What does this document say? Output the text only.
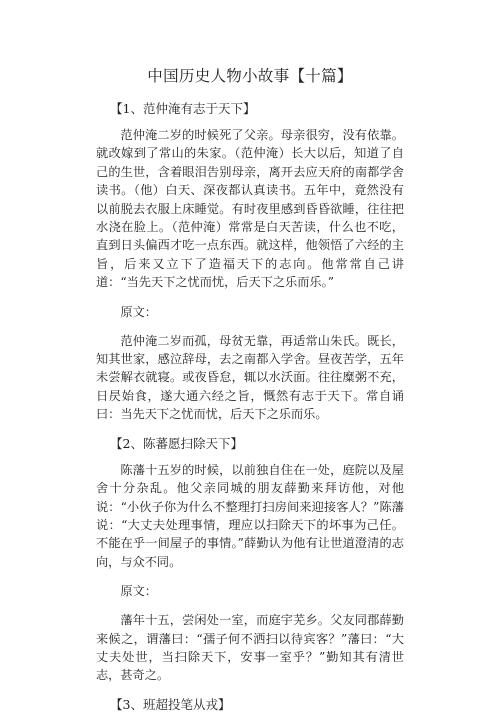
中国历史人物小故事【十篇】
【1、范仲淹有志于天下】

范仲淹二岁的时候死了父亲。母亲很穷，没有依靠。就改嫁到了常山的朱家。（范仲淹）长大以后，知道了自己的生世，含着眼泪告别母亲，离开去应天府的南都学舍读书。（他）白天、深夜都认真读书。五年中，竟然没有以前脱去衣服上床睡觉。有时夜里感到昏昏欲睡，往往把水浇在脸上。（范仲淹）常常是白天苦读，什么也不吃，直到日头偏西才吃一点东西。就这样，他领悟了六经的主旨，后来又立下了造福天下的志向。他常常自己讲道：“当先天下之忧而忧，后天下之乐而乐。”

原文：

范仲淹二岁而孤，母贫无靠，再适常山朱氏。既长，知其世家，感泣辞母，去之南都入学舍。昼夜苦学，五年未尝解衣就寝。或夜昏怠，辄以水沃面。往往糜粥不充，日昃始食，遂大通六经之旨，慨然有志于天下。常自诵曰：当先天下之忧而忧，后天下之乐而乐。

【2、陈蕃愿扫除天下】

陈藩十五岁的时候，以前独自住在一处，庭院以及屋舍十分杂乱。他父亲同城的朋友薛勤来拜访他，对他说：“小伙子你为什么不整理打扫房间来迎接客人？”陈藩说：“大丈夫处理事情，理应以扫除天下的坏事为己任。不能在乎一间屋子的事情。”薛勤认为他有让世道澄清的志向，与众不同。

原文：

藩年十五，尝闲处一室，而庭宇芜乡。父友同郡薛勤来候之，谓藩曰：“孺子何不洒扫以待宾客？”藩曰：“大丈夫处世，当扫除天下，安事一室乎？”勤知其有清世志，甚奇之。

【3、班超投笔从戎】
